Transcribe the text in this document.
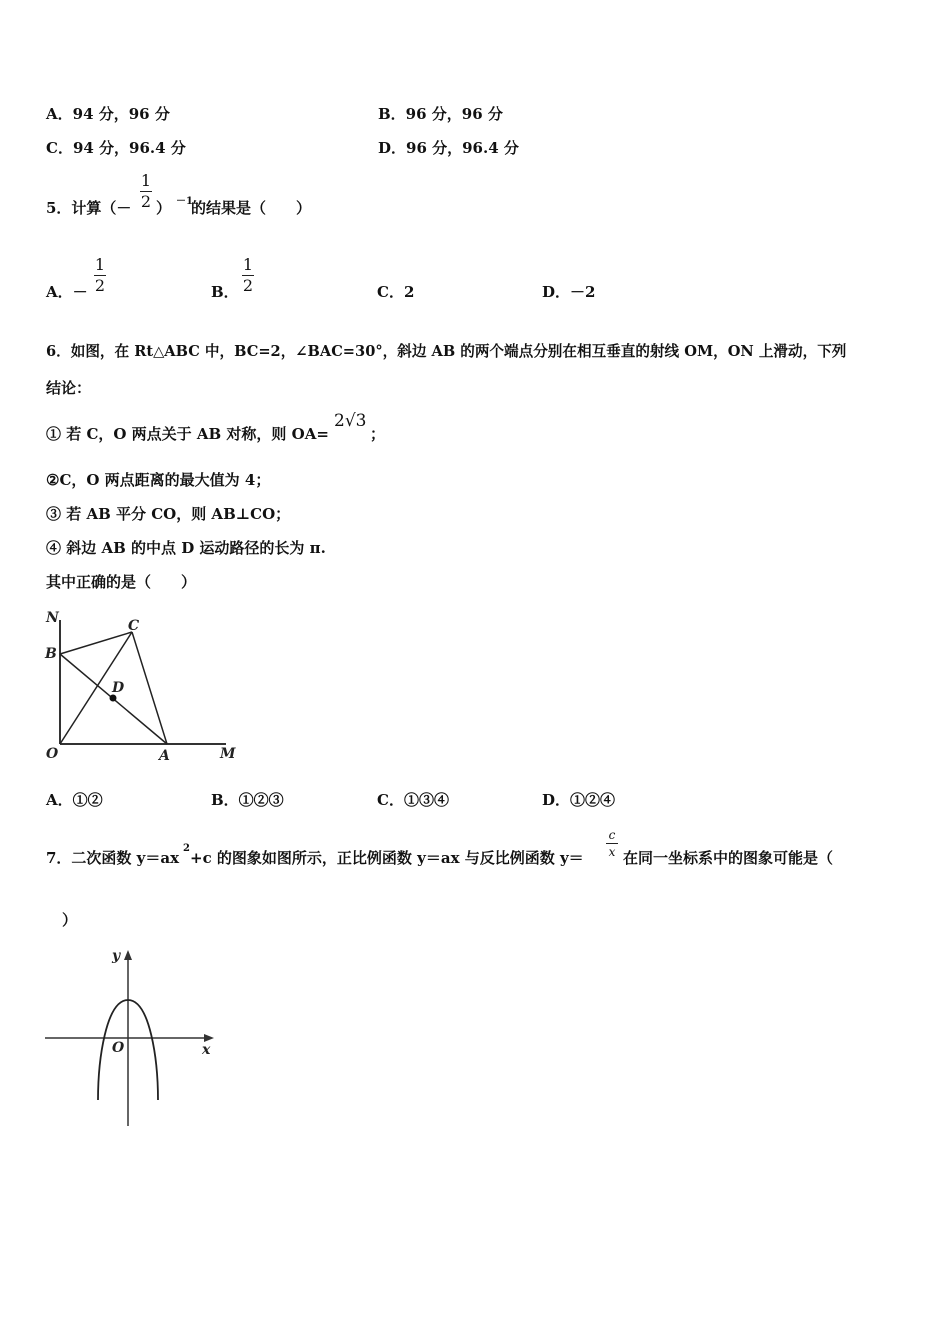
A．94 分，96 分	B．96 分，96 分
C．94 分，96.4 分	D．96 分，96.4 分
5．计算（－
1
2 ） －1
的结果是（　　）
A．－
1
2	B．
1
2	C．2	D．－2
6．如图，在 Rt△ABC 中，BC=2，∠BAC=30°，斜边 AB 的两个端点分别在相互垂直的射线 OM，ON 上滑动，下列
结论：
① 若 C，O 两点关于 AB 对称，则 OA=
2√3
；
②C，O 两点距离的最大值为 4；
③ 若 AB 平分 CO，则 AB⊥CO；
④ 斜边 AB 的中点 D 运动路径的长为 π.
其中正确的是（　　）
N	C
B
D
O	A	M
A．①②	B．①②③	C．①③④	D．①②④
7．二次函数 y＝ax
2
+c 的图象如图所示，正比例函数 y＝ax 与反比例函数 y＝
c
x 在同一坐标系中的图象可能是（
）
y
O	x
